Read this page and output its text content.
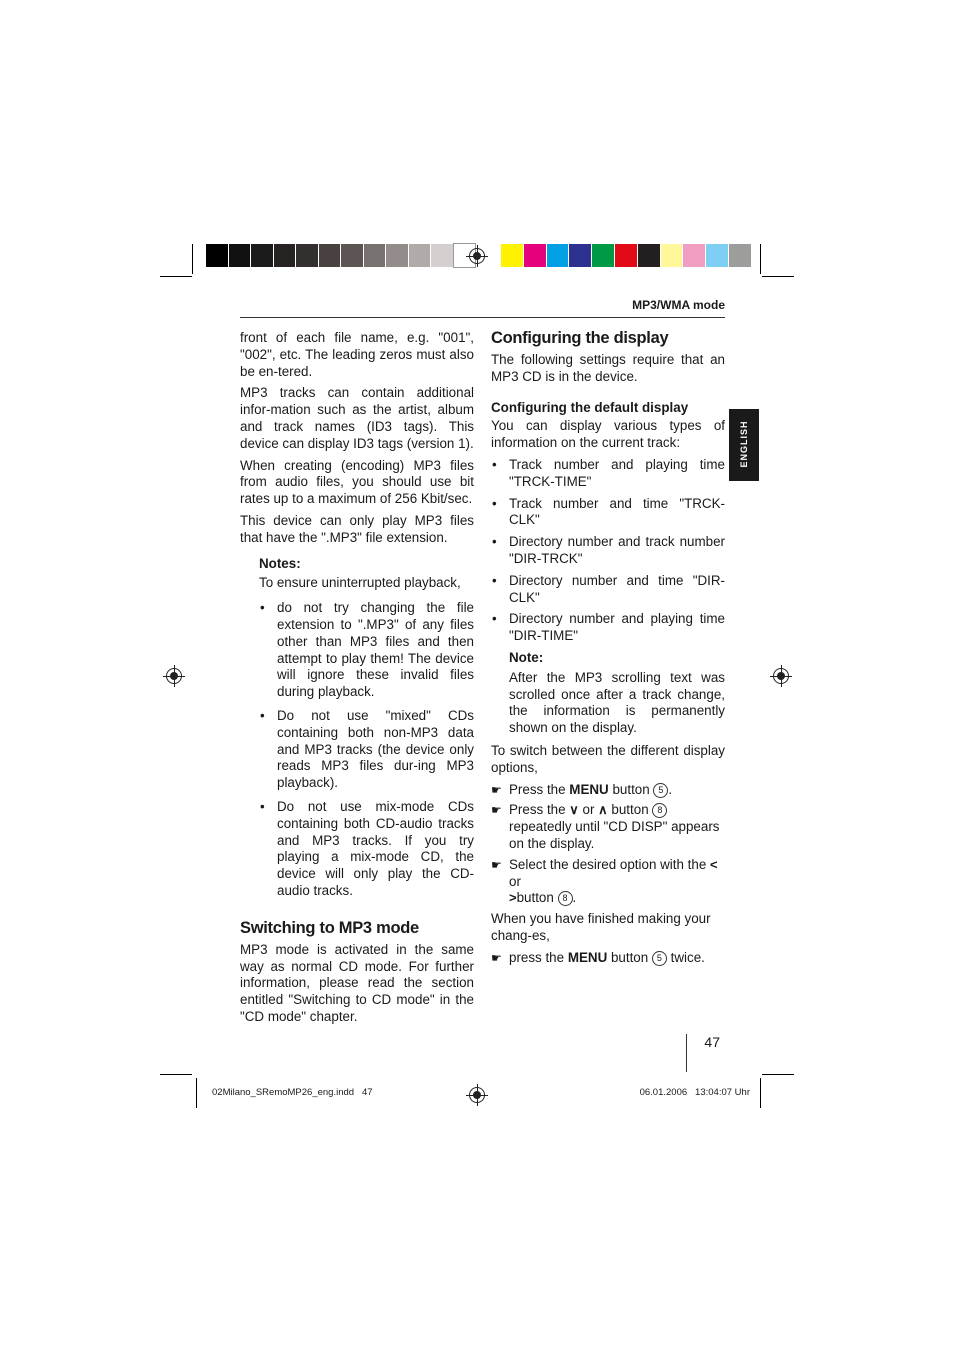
MP3/WMA mode
ENGLISH

front of each file name, e.g. "001", "002", etc. The leading zeros must also be en-tered.

MP3 tracks can contain additional infor-mation such as the artist, album and track names (ID3 tags). This device can display ID3 tags (version 1).

When creating (encoding) MP3 files from audio files, you should use bit rates up to a maximum of 256 Kbit/sec.

This device can only play MP3 files that have the ".MP3" file extension.

Notes:

To ensure uninterrupted playback,

• do not try changing the file extension to ".MP3" of any files other than MP3 files and then attempt to play them! The device will ignore these invalid files during playback.
• Do not use "mixed" CDs containing both non-MP3 data and MP3 tracks (the device only reads MP3 files dur-ing MP3 playback).
• Do not use mix-mode CDs containing both CD-audio tracks and MP3 tracks. If you try playing a mix-mode CD, the device will only play the CD-audio tracks.
Switching to MP3 mode

MP3 mode is activated in the same way as normal CD mode. For further information, please read the section entitled "Switching to CD mode" in the "CD mode" chapter.

Configuring the display

The following settings require that an MP3 CD is in the device.

Configuring the default display

You can display various types of information on the current track:

• Track number and playing time "TRCK-TIME"
• Track number and time "TRCK-CLK"
• Directory number and track number "DIR-TRCK"
• Directory number and time "DIR-CLK"
• Directory number and playing time "DIR-TIME"
Note:

After the MP3 scrolling text was scrolled once after a track change, the information is permanently shown on the display.

To switch between the different display options,

☛ Press the MENU button 5 .
☛ Press the ∨ or ∧ button 8 repeatedly until "CD DISP" appears on the display.
☛ Select the desired option with the < or
>button 8 .

When you have finished making your chang-es,

☛ press the MENU button 5 twice.
47
02Milano_SRemoMP26_eng.indd   47	06.01.2006   13:04:07 Uhr
